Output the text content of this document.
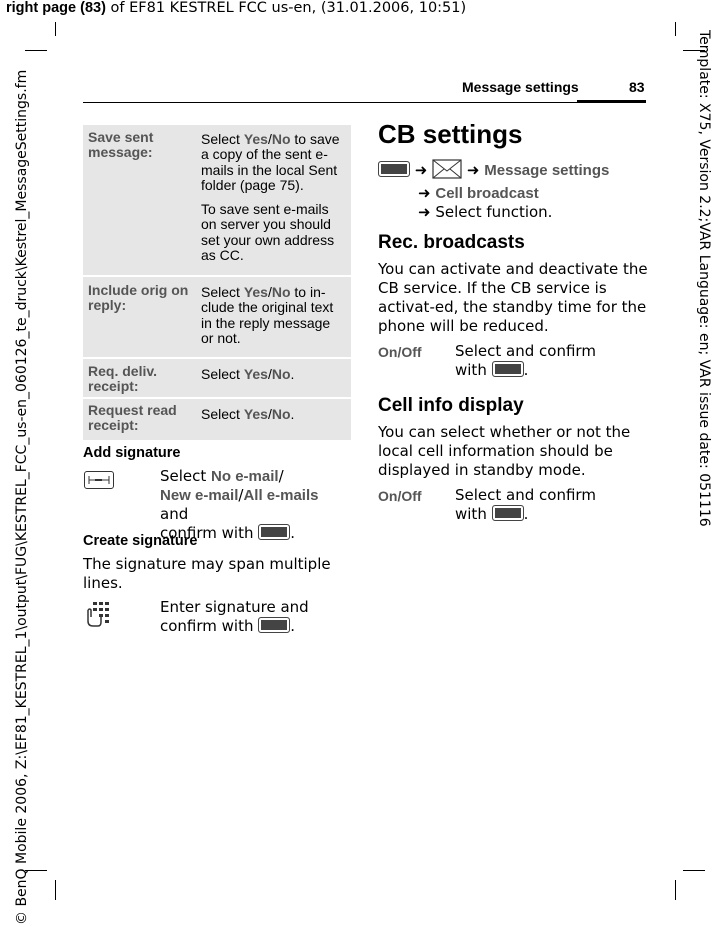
right page (83) of EF81 KESTREL FCC us-en, (31.01.2006, 10:51)
© BenQ Mobile 2006, Z:\EF81_KESTREL_1\output\FUG\KESTREL_FCC_us-en_060126_te_druck\Kestrel_MessageSettings.fm	Template: X75, Version 2.2;VAR Language: en; VAR issue date: 051116
Message settings	83
Save sent message:
Select Yes/No to save a copy of the sent e-mails in the local Sent folder (page 75).
To save sent e-mails on server you should set your own address as CC.
Include orig on reply:
Select Yes/No to in-clude the original text in the reply message or not.
Req. deliv. receipt:
Select Yes/No.
Request read receipt:
Select Yes/No.
Add signature
Select No e-mail/
New e-mail/All e-mails and
confirm with .
Create signature
The signature may span multiple lines.
Enter signature and
confirm with .
CB settings
➜	➜ Message settings
➜ Cell broadcast
➜ Select function.
Rec. broadcasts
You can activate and deactivate the CB service. If the CB service is activat-ed, the standby time for the phone will be reduced.
On/Off Select and confirm
with .
Cell info display
You can select whether or not the local cell information should be displayed in standby mode.
On/Off Select and confirm
with .
